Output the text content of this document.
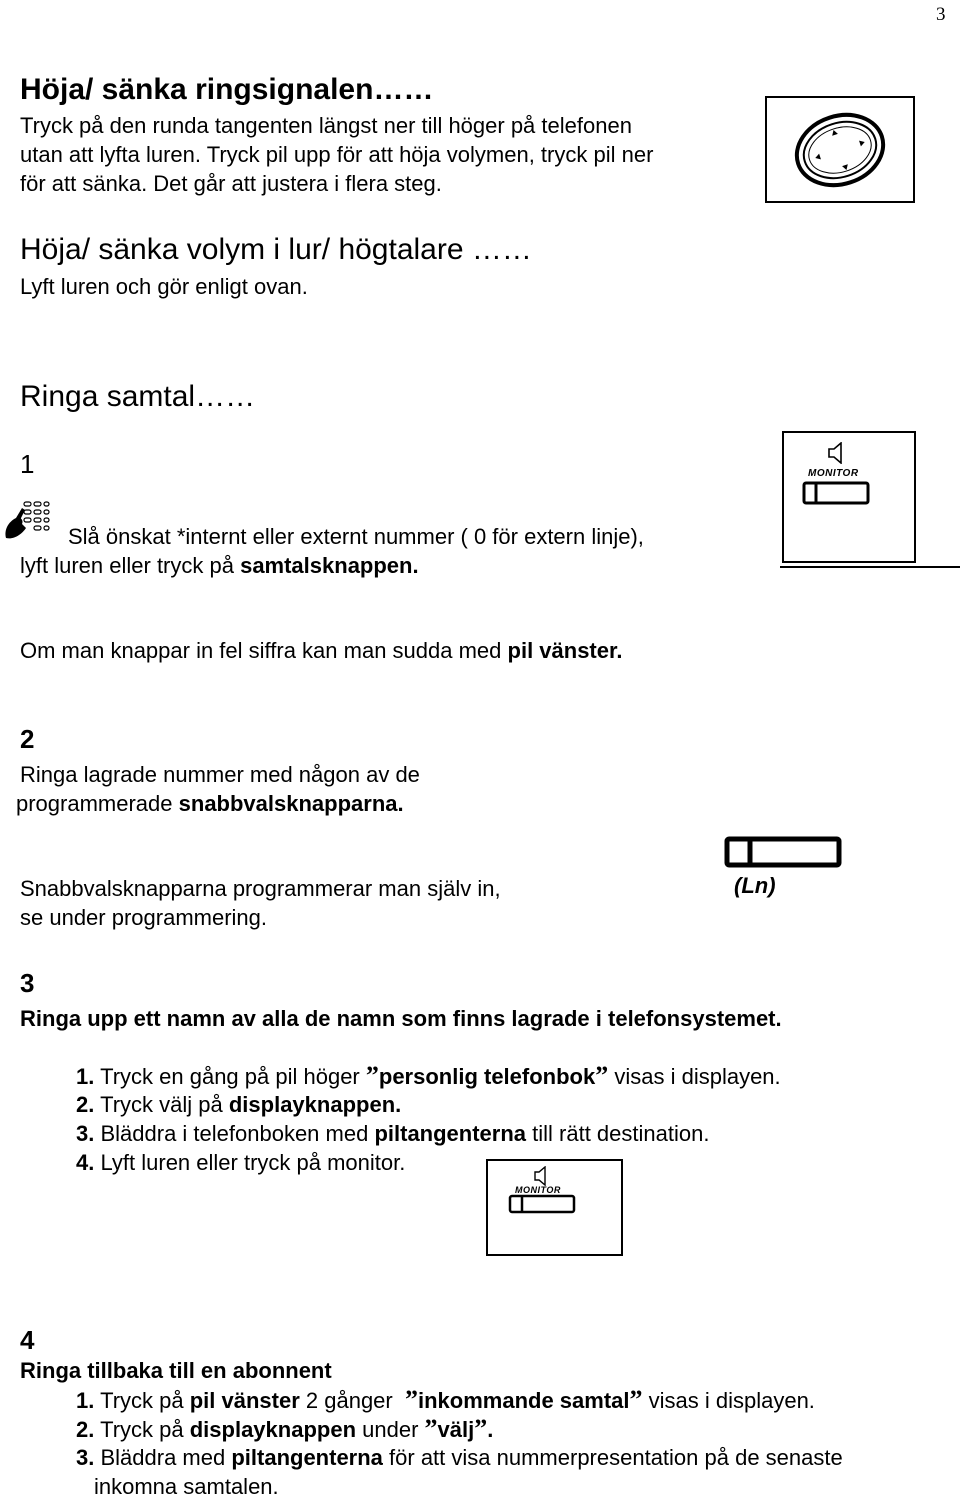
3
Höja/ sänka ringsignalen……
Tryck på den runda tangenten längst ner till höger på telefonen
utan att lyfta luren. Tryck pil upp för att höja volymen, tryck pil ner
för att sänka. Det går att justera i flera steg.
Höja/ sänka volym i lur/ högtalare ……
Lyft luren och gör enligt ovan.
Ringa samtal……
1
Slå önskat *internt eller externt nummer ( 0 för extern linje),
lyft luren eller tryck på samtalsknappen.
Om man knappar in fel siffra kan man sudda med pil vänster.
MONITOR
2
Ringa lagrade nummer med någon av de
programmerade snabbvalsknapparna.
Snabbvalsknapparna programmerar man själv in,
se under programmering.
(Ln)
3
Ringa upp ett namn av alla de namn som finns lagrade i telefonsystemet.
1. Tryck en gång på pil höger ”personlig telefonbok” visas i displayen.
2. Tryck välj på displayknappen.
3. Bläddra i telefonboken med piltangenterna till rätt destination.
4. Lyft luren eller tryck på monitor.
MONITOR
4
Ringa tillbaka till en abonnent
1. Tryck på pil vänster 2 gånger  ”inkommande samtal” visas i displayen.
2. Tryck på displayknappen under ”välj”.
3. Bläddra med piltangenterna för att visa nummerpresentation på de senaste
inkomna samtalen.
